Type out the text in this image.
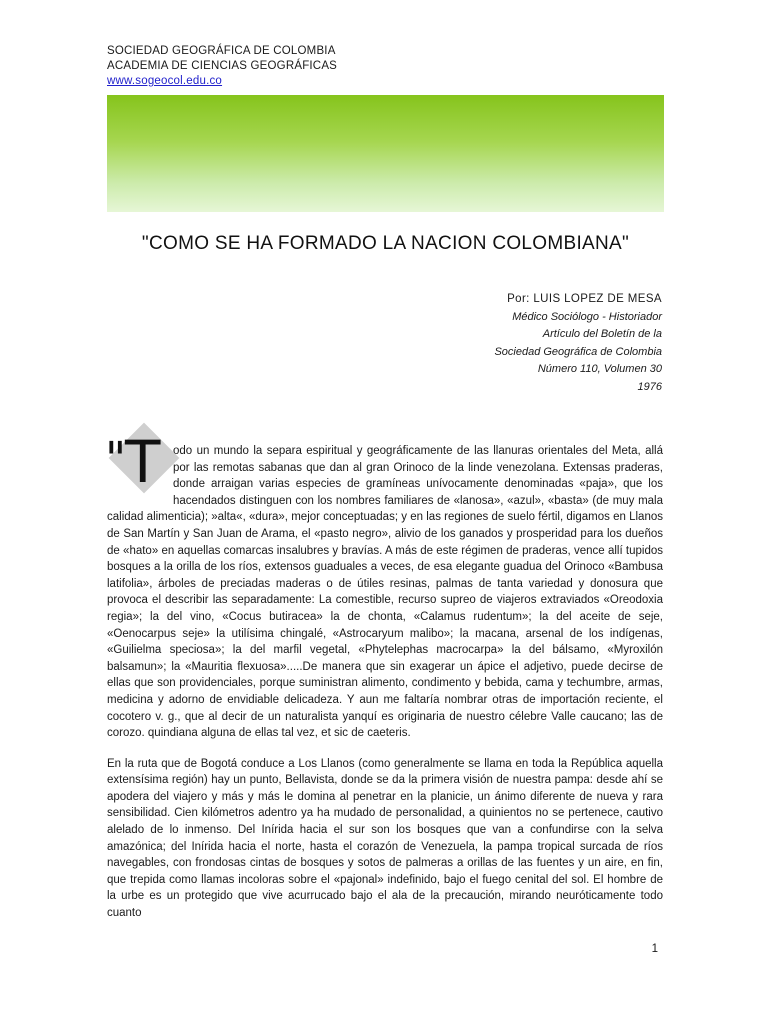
SOCIEDAD GEOGRÁFICA DE COLOMBIA
ACADEMIA DE CIENCIAS GEOGRÁFICAS
www.sogeocol.edu.co
"COMO SE HA FORMADO LA NACION COLOMBIANA"
Por: LUIS LOPEZ DE MESA
Médico Sociólogo - Historiador
Artículo del Boletín de la
Sociedad Geográfica de Colombia
Número 110, Volumen 30
1976

"
T odo un mundo la separa espiritual y geográficamente de las llanuras orientales del Meta, allá por las remotas sabanas que dan al gran Orinoco de la linde venezolana. Extensas praderas, donde arraigan varias especies de gramíneas unívocamente denominadas «paja», que los hacendados distinguen con los nombres familiares de «lanosa», «azul», «basta» (de muy mala calidad alimenticia); »alta«, «dura», mejor conceptuadas; y en las regiones de suelo fértil, digamos en Llanos de San Martín y San Juan de Arama, el «pasto negro», alivio de los ganados y prosperidad para los dueños de «hato» en aquellas comarcas insalubres y bravías. A más de este régimen de praderas, vence allí tupidos bosques a la orilla de los ríos, extensos guaduales a veces, de esa elegante guadua del Orinoco «Bambusa latifolia», árboles de preciadas maderas o de útiles resinas, palmas de tanta variedad y donosura que provoca el describir las separadamente: La comestible, recurso supreo de viajeros extraviados «Oreodoxia regia»; la del vino, «Cocus butiracea» la de chonta, «Calamus rudentum»; la del aceite de seje, «Oenocarpus seje» la utilísima chingalé, «Astrocaryum malibo»; la macana, arsenal de los indígenas, «Guilielma speciosa»; la del marfil vegetal, «Phytelephas macrocarpa» la del bálsamo, «Myroxilón balsamun»; la «Mauritia flexuosa».....De manera que sin exagerar un ápice el adjetivo, puede decirse de ellas que son providenciales, porque suministran alimento, condimento y bebida, cama y techumbre, armas, medicina y adorno de envidiable delicadeza. Y aun me faltaría nombrar otras de importación reciente, el cocotero v. g., que al decir de un naturalista yanquí es originaria de nuestro célebre Valle caucano; las de corozo. quindiana alguna de ellas tal vez, et sic de caeteris.

En la ruta que de Bogotá conduce a Los Llanos (como generalmente se llama en toda la República aquella extensísima región) hay un punto, Bellavista, donde se da la primera visión de nuestra pampa: desde ahí se apodera del viajero y más y más le domina al penetrar en la planicie, un ánimo diferente de nueva y rara sensibilidad. Cien kilómetros adentro ya ha mudado de personalidad, a quinientos no se pertenece, cautivo alelado de lo inmenso. Del Inírida hacia el sur son los bosques que van a confundirse con la selva amazónica; del Inírida hacia el norte, hasta el corazón de Venezuela, la pampa tropical surcada de ríos navegables, con frondosas cintas de bosques y sotos de palmeras a orillas de las fuentes y un aire, en fin, que trepida como llamas incoloras sobre el «pajonal» indefinido, bajo el fuego cenital del sol. El hombre de la urbe es un protegido que vive acurrucado bajo el ala de la precaución, mirando neuróticamente todo cuanto

1
